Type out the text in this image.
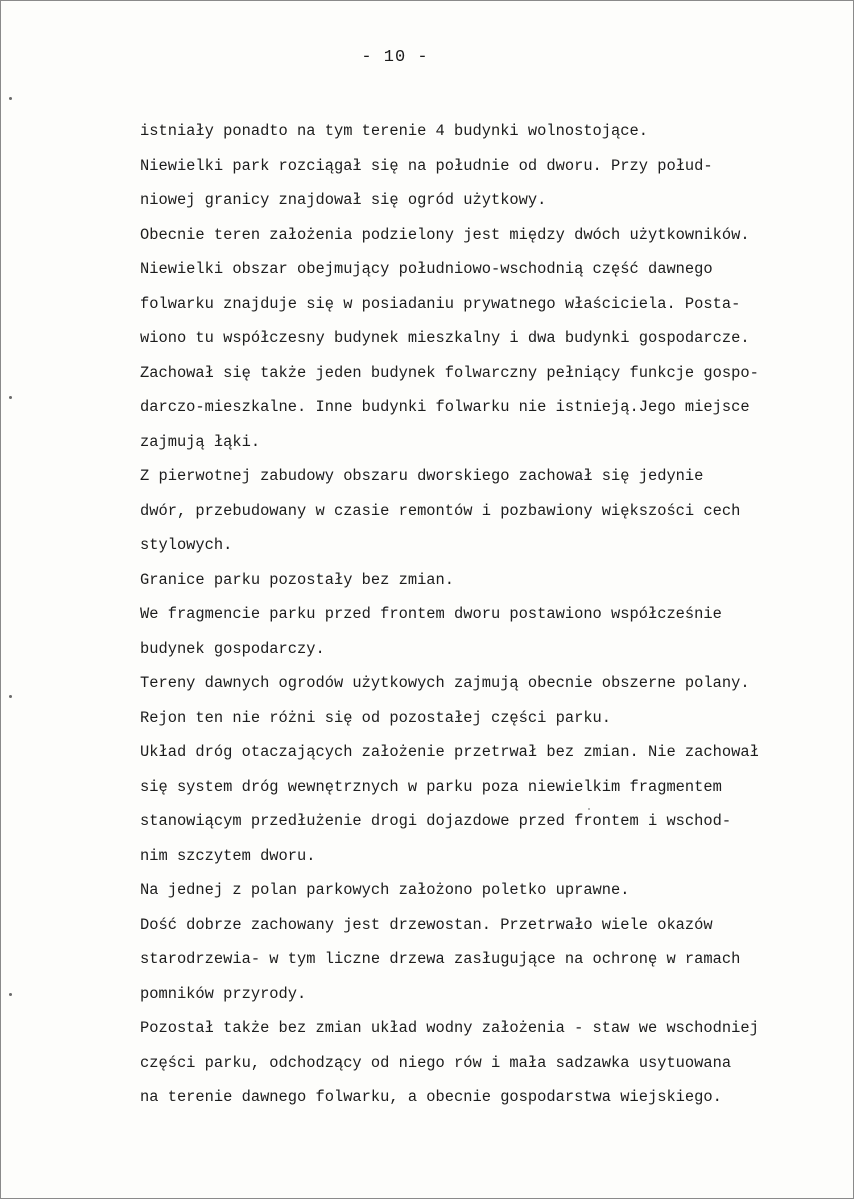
- 10 -
istniały ponadto na tym terenie 4 budynki wolnostojące.
Niewielki park rozciągał się na południe od dworu. Przy połud-
niowej granicy znajdował się ogród użytkowy.
Obecnie teren założenia podzielony jest między dwóch użytkowników.
Niewielki obszar obejmujący południowo-wschodnią część dawnego
folwarku znajduje się w posiadaniu prywatnego właściciela. Posta-
wiono tu współczesny budynek mieszkalny i dwa budynki gospodarcze.
Zachował się także jeden budynek folwarczny pełniący funkcje gospo-
darczo-mieszkalne. Inne budynki folwarku nie istnieją.Jego miejsce
zajmują łąki.
Z pierwotnej zabudowy obszaru dworskiego zachował się jedynie
dwór, przebudowany w czasie remontów i pozbawiony większości cech
stylowych.
Granice parku pozostały bez zmian.
We fragmencie parku przed frontem dworu postawiono współcześnie
budynek gospodarczy.
Tereny dawnych ogrodów użytkowych zajmują obecnie obszerne polany.
Rejon ten nie różni się od pozostałej części parku.
Układ dróg otaczających założenie przetrwał bez zmian. Nie zachował
się system dróg wewnętrznych w parku poza niewielkim fragmentem
stanowiącym przedłużenie drogi dojazdowe przed frontem i wschod-
nim szczytem dworu.
Na jednej z polan parkowych założono poletko uprawne.
Dość dobrze zachowany jest drzewostan. Przetrwało wiele okazów
starodrzewia- w tym liczne drzewa zasługujące na ochronę w ramach
pomników przyrody.
Pozostał także bez zmian układ wodny założenia - staw we wschodniej
części parku, odchodzący od niego rów i mała sadzawka usytuowana
na terenie dawnego folwarku, a obecnie gospodarstwa wiejskiego.
